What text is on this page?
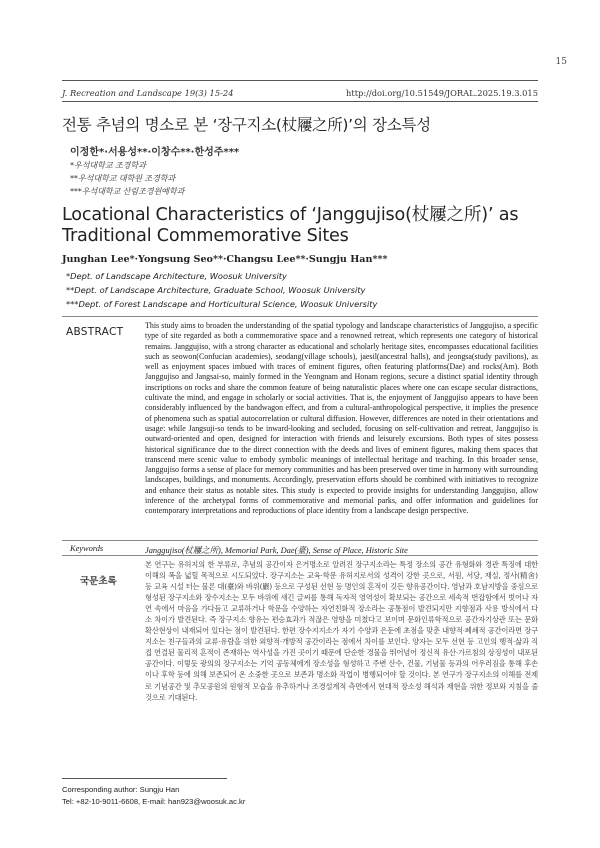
15
J. Recreation and Landscape 19(3) 15-24	http://doi.org/10.51549/JORAL.2025.19.3.015
전통 추념의 명소로 본 ‘장구지소(杖屨之所)’의 장소특성
이정한*·서용성**·이창수**·한성주***
*우석대학교 조경학과
**우석대학교 대학원 조경학과
***우석대학교 산림조경원예학과
Locational Characteristics of ‘Janggujiso(杖屨之所)’ as Traditional Commemorative Sites
Junghan Lee*·Yongsung Seo**·Changsu Lee**·Sungju Han***
*Dept. of Landscape Architecture, Woosuk University
**Dept. of Landscape Architecture, Graduate School, Woosuk University
***Dept. of Forest Landscape and Horticultural Science, Woosuk University
ABSTRACT
This study aims to broaden the understanding of the spatial typology and landscape characteristics of Janggujiso, a specific type of site regarded as both a commemorative space and a renowned retreat, which represents one category of historical remains. Janggujiso, with a strong character as educational and scholarly heritage sites, encompasses educational facilities such as seowon(Confucian academies), seodang(village schools), jaesil(ancestral halls), and jeongsa(study pavilions), as well as enjoyment spaces imbued with traces of eminent figures, often featuring platforms(Dae) and rocks(Am). Both Janggujiso and Jangsai-so, mainly formed in the Yeongnam and Honam regions, secure a distinct spatial identity through inscriptions on rocks and share the common feature of being naturalistic places where one can escape secular distractions, cultivate the mind, and engage in scholarly or social activities. That is, the enjoyment of Janggujiso appears to have been considerably influenced by the bandwagon effect, and from a cultural-anthropological perspective, it implies the presence of phenomena such as spatial autocorrelation or cultural diffusion. However, differences are noted in their orientations and usage: while Jangsuji-so tends to be inward-looking and secluded, focusing on self-cultivation and retreat, Janggujiso is outward-oriented and open, designed for interaction with friends and leisurely excursions. Both types of sites possess historical significance due to the direct connection with the deeds and lives of eminent figures, making them spaces that transcend mere scenic value to embody symbolic meanings of intellectual heritage and teaching. In this broader sense, Janggujiso forms a sense of place for memory communities and has been preserved over time in harmony with surrounding landscapes, buildings, and monuments. Accordingly, preservation efforts should be combined with initiatives to recognize and enhance their status as notable sites. This study is expected to provide insights for understanding Janggujiso, allow inference of the archetypal forms of commemorative and memorial parks, and offer information and guidelines for contemporary interpretations and reproductions of place identity from a landscape design perspective.
Keywords	Janggujiso(杖屨之所), Memorial Park, Dae(臺), Sense of Place, Historic Site
국문초록
본 연구는 유허지의 한 부류로, 추념의 공간이자 은거명소로 알려진 장구지소라는 특정 장소의 공간 유형화와 경관 특징에 대한 이해의 폭을 넓힐 목적으로 시도되었다. 장구지소는 교육·학문 유허지로서의 성격이 강한 곳으로, 서원, 서당, 재실, 정사(精舍) 등 교육 시설 터는 물론 대(臺)와 바위(巖) 등으로 구성된 선현 등 명인의 흔적이 깃든 향유공간이다. 영남과 호남지방을 중심으로 형성된 장구지소와 장수지소는 모두 바위에 새긴 글씨를 통해 독자적 영역성이 확보되는 공간으로 세속적 번잡함에서 벗어나 자연 속에서 마음을 가다듬고 교류하거나 학문을 수양하는 자연친화적 장소라는 공통점이 발견되지만 지향점과 사용 방식에서 다소 차이가 발견된다. 즉 장구지소 향유는 편승효과가 적잖은 영향을 미쳤다고 보이며 문화인류학적으로 공간자기상관 또는 문화확산현상이 내재되어 있다는 점이 발견된다. 한편 장수지지소가 자기 수양과 은둔에 초점을 맞춘 내향적·폐쇄적 공간이라면 장구지소는 친구들과의 교류·유람을 위한 외향적·개방적 공간이라는 점에서 차이를 보인다. 양자는 모두 선현 등 고인의 행적·삶과 직접 연결된 물리적 흔적이 존재하는 역사성을 가진 곳이기 때문에 단순한 경물을 뛰어넘어 정신적 유산·가르침의 상징성이 내포된 공간이다. 이렇듯 광의의 장구지소는 기억 공동체에게 장소성을 형성하고 주변 산수, 건물, 기념물 등과의 어우러짐을 통해 후손이나 후학 등에 의해 보존되어 온 소중한 곳으로 보존과 명소화 작업이 병행되어야 할 것이다. 본 연구가 장구지소의 이해를 전제로 기념공간 및 추모공원의 원형적 모습을 유추하거나 조경설계적 측면에서 현대적 장소성 해석과 재현을 위한 정보와 지침을 줄 것으로 기대된다.
Corresponding author: Sungju Han
Tel: +82-10-9011-6608, E-mail: han923@woosuk.ac.kr
